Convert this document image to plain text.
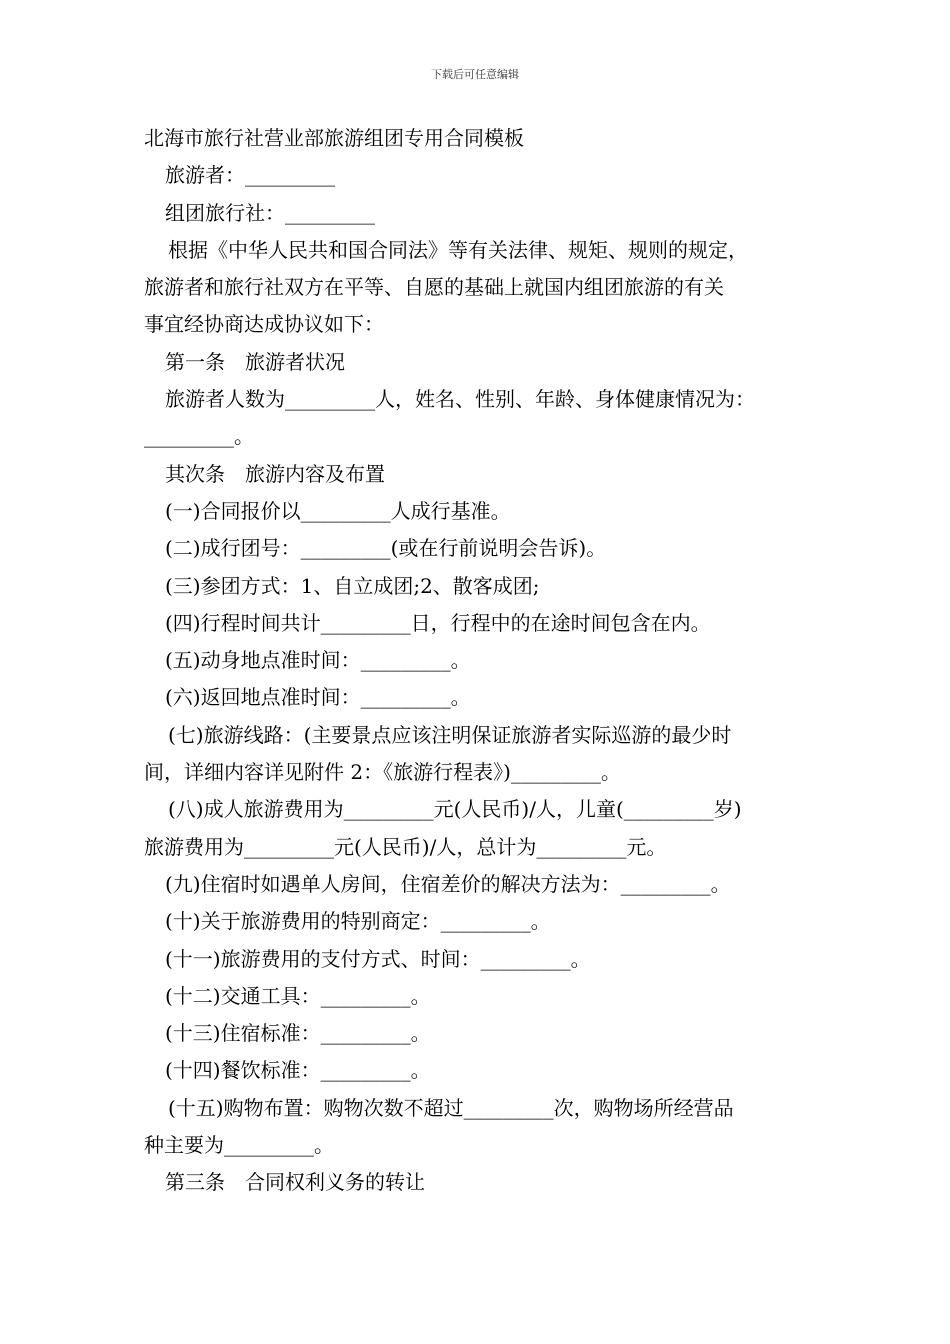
下载后可任意编辑
北海市旅行社营业部旅游组团专用合同模板
旅游者：_________
组团旅行社：_________
根据《中华人民共和国合同法》等有关法律、规矩、规则的规定，
旅游者和旅行社双方在平等、自愿的基础上就国内组团旅游的有关
事宜经协商达成协议如下：
第一条　旅游者状况
旅游者人数为_________人，姓名、性别、年龄、身体健康情况为：
_________。
其次条　旅游内容及布置
(一)合同报价以_________人成行基准。
(二)成行团号：_________(或在行前说明会告诉)。
(三)参团方式：1、自立成团;2、散客成团;
(四)行程时间共计_________日，行程中的在途时间包含在内。
(五)动身地点准时间：_________。
(六)返回地点准时间：_________。
(七)旅游线路：(主要景点应该注明保证旅游者实际巡游的最少时
间，详细内容详见附件 2：《旅游行程表》)_________。
(八)成人旅游费用为_________元(人民币)/人，儿童(_________岁)
旅游费用为_________元(人民币)/人，总计为_________元。
(九)住宿时如遇单人房间，住宿差价的解决方法为：_________。
(十)关于旅游费用的特别商定：_________。
(十一)旅游费用的支付方式、时间：_________。
(十二)交通工具：_________。
(十三)住宿标准：_________。
(十四)餐饮标准：_________。
(十五)购物布置：购物次数不超过_________次，购物场所经营品
种主要为_________。
第三条　合同权利义务的转让
